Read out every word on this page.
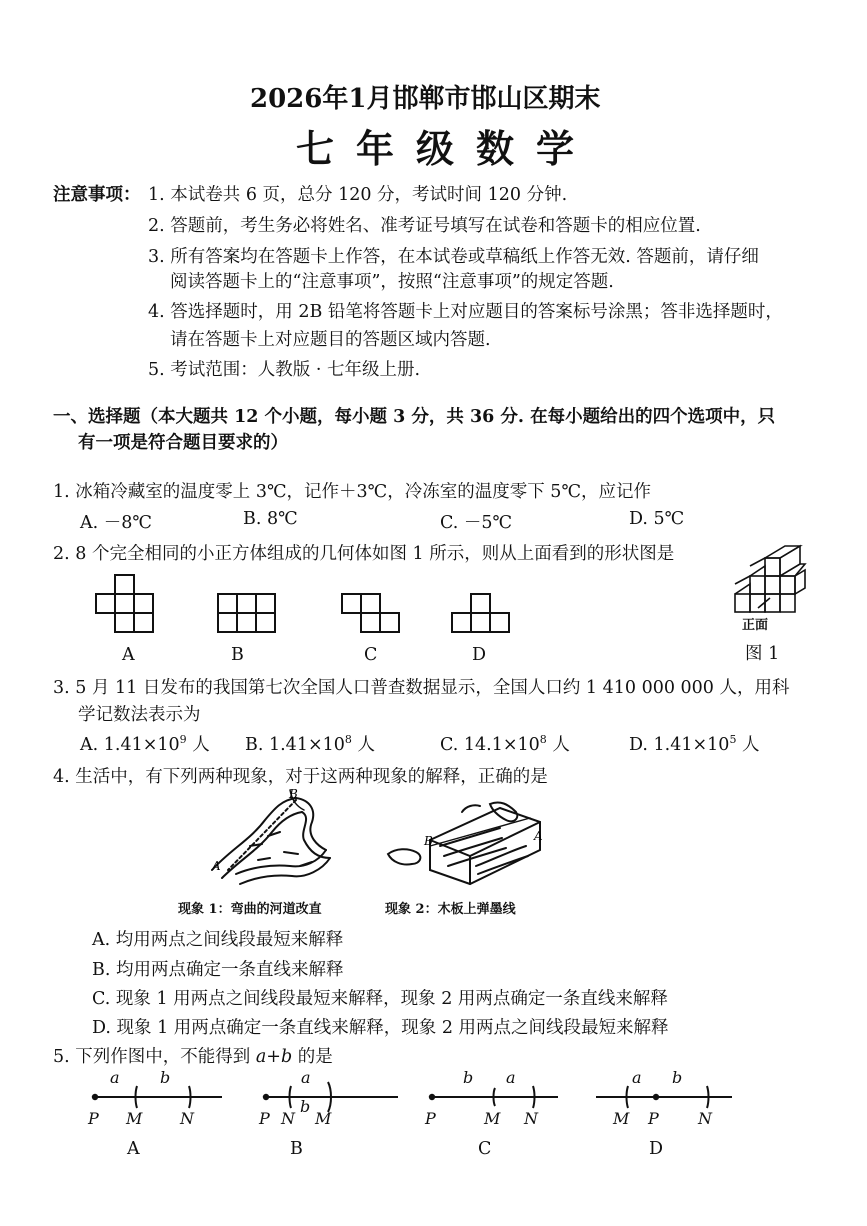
2026年1月邯郸市邯山区期末
七年级数学
注意事项： 1. 本试卷共 6 页，总分 120 分，考试时间 120 分钟.
2. 答题前，考生务必将姓名、准考证号填写在试卷和答题卡的相应位置.
3. 所有答案均在答题卡上作答，在本试卷或草稿纸上作答无效. 答题前，请仔细
阅读答题卡上的“注意事项”，按照“注意事项”的规定答题.
4. 答选择题时，用 2B 铅笔将答题卡上对应题目的答案标号涂黑；答非选择题时，
请在答题卡上对应题目的答题区域内答题.
5. 考试范围：人教版 · 七年级上册.
一、选择题（本大题共 12 个小题，每小题 3 分，共 36 分. 在每小题给出的四个选项中，只
有一项是符合题目要求的）
1. 冰箱冷藏室的温度零上 3℃，记作＋3℃，冷冻室的温度零下 5℃，应记作
A. －8℃	B. 8℃	C. －5℃	D. 5℃
2. 8 个完全相同的小正方体组成的几何体如图 1 所示，则从上面看到的形状图是
A	B	C	D
正面
图 1
3. 5 月 11 日发布的我国第七次全国人口普查数据显示，全国人口约 1 410 000 000 人，用科
学记数法表示为
A. $1.41\times 10^9$ 人 B. $1.41\times 10^8$ 人	C. $14.1\times 10^8$ 人	D. $1.41\times 10^5$ 人
4. 生活中，有下列两种现象，对于这两种现象的解释，正确的是
A
B
B	A
现象 1：弯曲的河道改直	现象 2：木板上弹墨线
A. 均用两点之间线段最短来解释
B. 均用两点确定一条直线来解释
C. 现象 1 用两点之间线段最短来解释，现象 2 用两点确定一条直线来解释
D. 现象 1 用两点确定一条直线来解释，现象 2 用两点之间线段最短来解释
5. 下列作图中，不能得到 a+b 的是
a	b
P M N
a
b
P N M
b a
P	M N
a b
M P N
A	B	C	D
